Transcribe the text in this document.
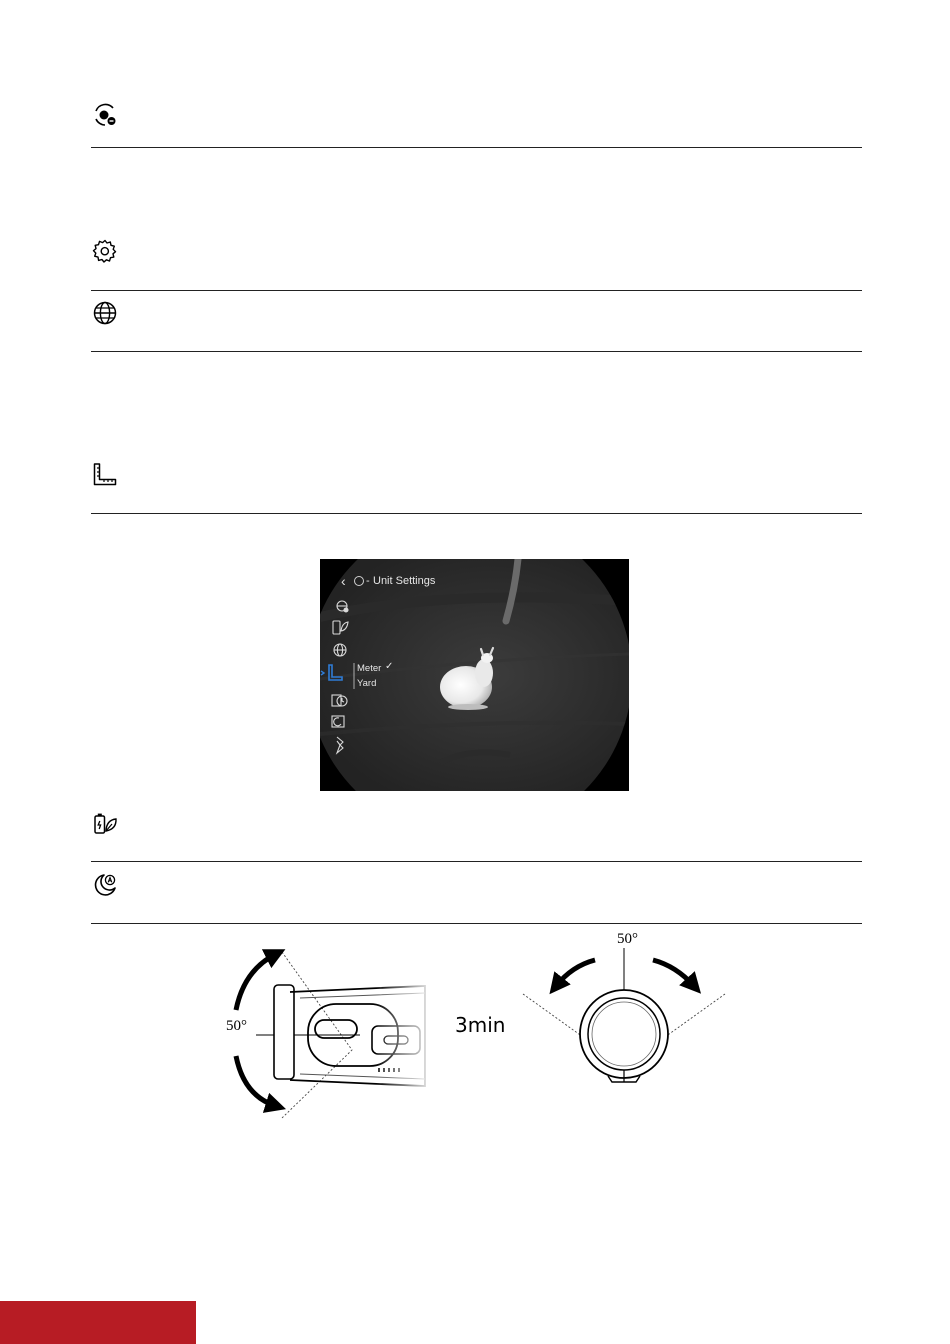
‹ - Unit Settings
Meter ✓
Yard
50°	3min
50°
